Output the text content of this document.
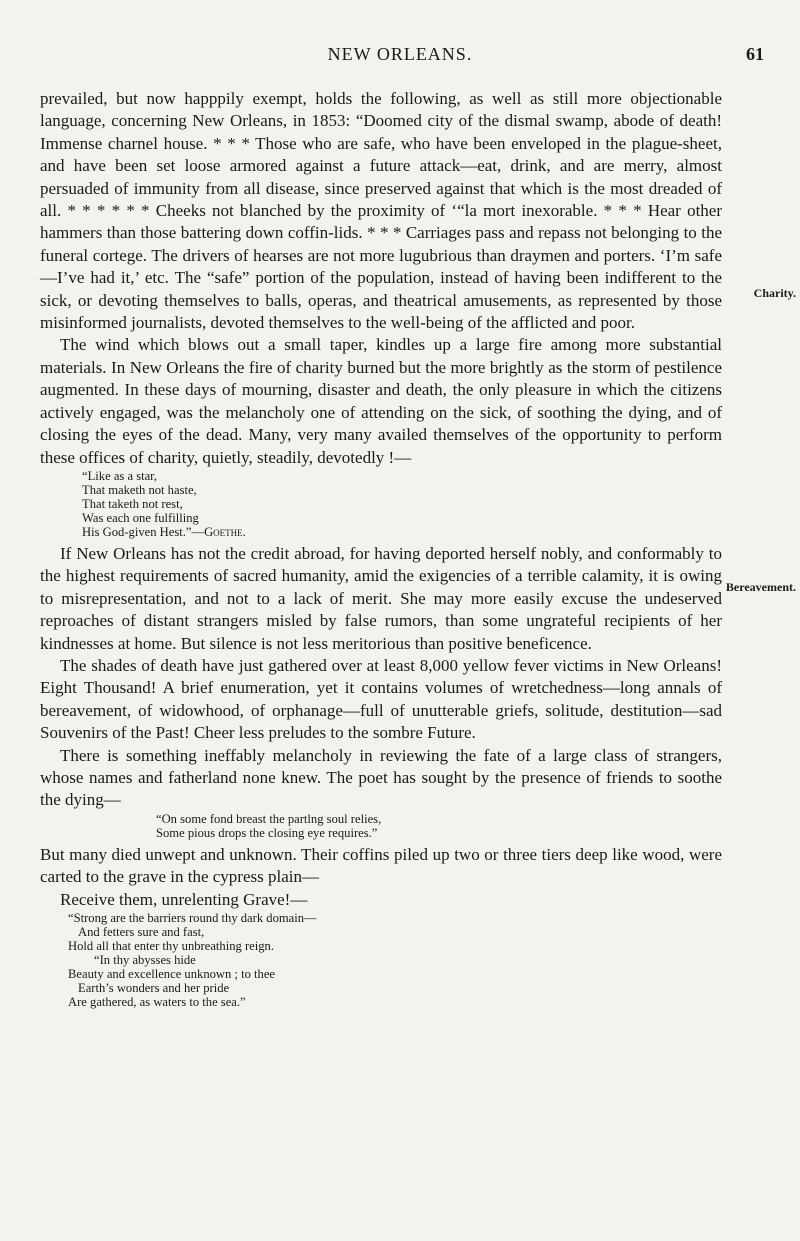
NEW ORLEANS.	61
Charity.
Bereavement.

prevailed, but now happpily exempt, holds the following, as well as still more objectionable language, concerning New Orleans, in 1853: “Doomed city of the dismal swamp, abode of death! Immense charnel house. * * * Those who are safe, who have been enveloped in the plague-sheet, and have been set loose armored against a future attack—eat, drink, and are merry, almost persuaded of immunity from all disease, since preserved against that which is the most dreaded of all. * * * * * * Cheeks not blanched by the proximity of ‘“la mort inexorable. * * * Hear other hammers than those battering down coffin-lids. * * * Carriages pass and repass not belonging to the funeral cortege. The drivers of hearses are not more lugubrious than draymen and porters. ‘I’m safe—I’ve had it,’ etc. The “safe” portion of the population, instead of having been indifferent to the sick, or devoting themselves to balls, operas, and theatrical amusements, as represented by those misinformed journalists, devoted themselves to the well-being of the afflicted and poor.

The wind which blows out a small taper, kindles up a large fire among more substantial materials. In New Orleans the fire of charity burned but the more brightly as the storm of pestilence augmented. In these days of mourning, disaster and death, the only pleasure in which the citizens actively engaged, was the melancholy one of attending on the sick, of soothing the dying, and of closing the eyes of the dead. Many, very many availed themselves of the opportunity to perform these offices of charity, quietly, steadily, devotedly !—

“Like as a star,
That maketh not haste,
That taketh not rest,
Was each one fulfilling
His God-given Hest.”—Goethe.

If New Orleans has not the credit abroad, for having deported herself nobly, and conformably to the highest requirements of sacred humanity, amid the exigencies of a terrible calamity, it is owing to misrepresentation, and not to a lack of merit. She may more easily excuse the undeserved reproaches of distant strangers misled by false rumors, than some ungrateful recipients of her kindnesses at home. But silence is not less meritorious than positive beneficence.

The shades of death have just gathered over at least 8,000 yellow fever victims in New Orleans! Eight Thousand! A brief enumeration, yet it contains volumes of wretchedness—long annals of bereavement, of widowhood, of orphanage—full of unutterable griefs, solitude, destitution—sad Souvenirs of the Past! Cheer less preludes to the sombre Future.

There is something ineffably melancholy in reviewing the fate of a large class of strangers, whose names and fatherland none knew. The poet has sought by the presence of friends to soothe the dying—

“On some fond breast the partlng soul relies,
Some pious drops the closing eye requires.”

But many died unwept and unknown. Their coffins piled up two or three tiers deep like wood, were carted to the grave in the cypress plain—

Receive them, unrelenting Grave!—

“Strong are the barriers round thy dark domain—
And fetters sure and fast,
Hold all that enter thy unbreathing reign.
“In thy abysses hide
Beauty and excellence unknown ; to thee
Earth’s wonders and her pride
Are gathered, as waters to the sea.”
